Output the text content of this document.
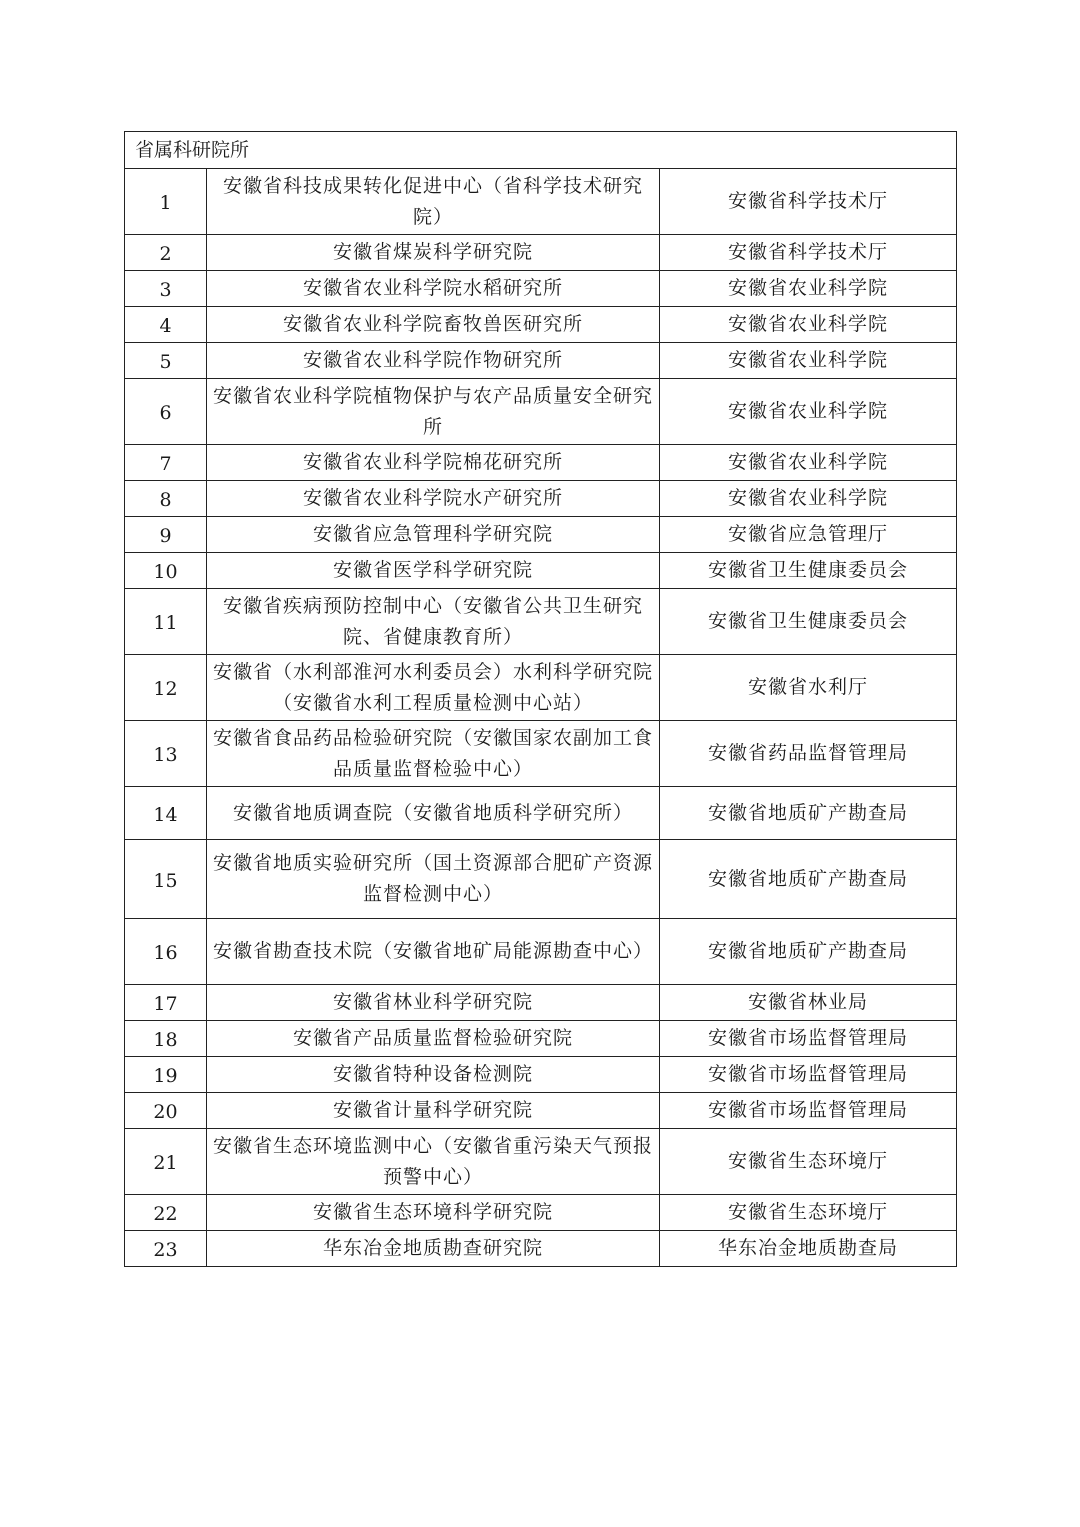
省属科研院所		
1	安徽省科技成果转化促进中心（省科学技术研究院）	安徽省科学技术厅
2	安徽省煤炭科学研究院	安徽省科学技术厅
3	安徽省农业科学院水稻研究所	安徽省农业科学院
4	安徽省农业科学院畜牧兽医研究所	安徽省农业科学院
5	安徽省农业科学院作物研究所	安徽省农业科学院
6	安徽省农业科学院植物保护与农产品质量安全研究所	安徽省农业科学院
7	安徽省农业科学院棉花研究所	安徽省农业科学院
8	安徽省农业科学院水产研究所	安徽省农业科学院
9	安徽省应急管理科学研究院	安徽省应急管理厅
10	安徽省医学科学研究院	安徽省卫生健康委员会
11	安徽省疾病预防控制中心（安徽省公共卫生研究院、省健康教育所）	安徽省卫生健康委员会
12	安徽省（水利部淮河水利委员会）水利科学研究院（安徽省水利工程质量检测中心站）	安徽省水利厅
13	安徽省食品药品检验研究院（安徽国家农副加工食品质量监督检验中心）	安徽省药品监督管理局
14	安徽省地质调查院（安徽省地质科学研究所）	安徽省地质矿产勘查局
15	安徽省地质实验研究所（国土资源部合肥矿产资源监督检测中心）	安徽省地质矿产勘查局
16	安徽省勘查技术院（安徽省地矿局能源勘查中心）	安徽省地质矿产勘查局
17	安徽省林业科学研究院	安徽省林业局
18	安徽省产品质量监督检验研究院	安徽省市场监督管理局
19	安徽省特种设备检测院	安徽省市场监督管理局
20	安徽省计量科学研究院	安徽省市场监督管理局
21	安徽省生态环境监测中心（安徽省重污染天气预报预警中心）	安徽省生态环境厅
22	安徽省生态环境科学研究院	安徽省生态环境厅
23	华东冶金地质勘查研究院	华东冶金地质勘查局
